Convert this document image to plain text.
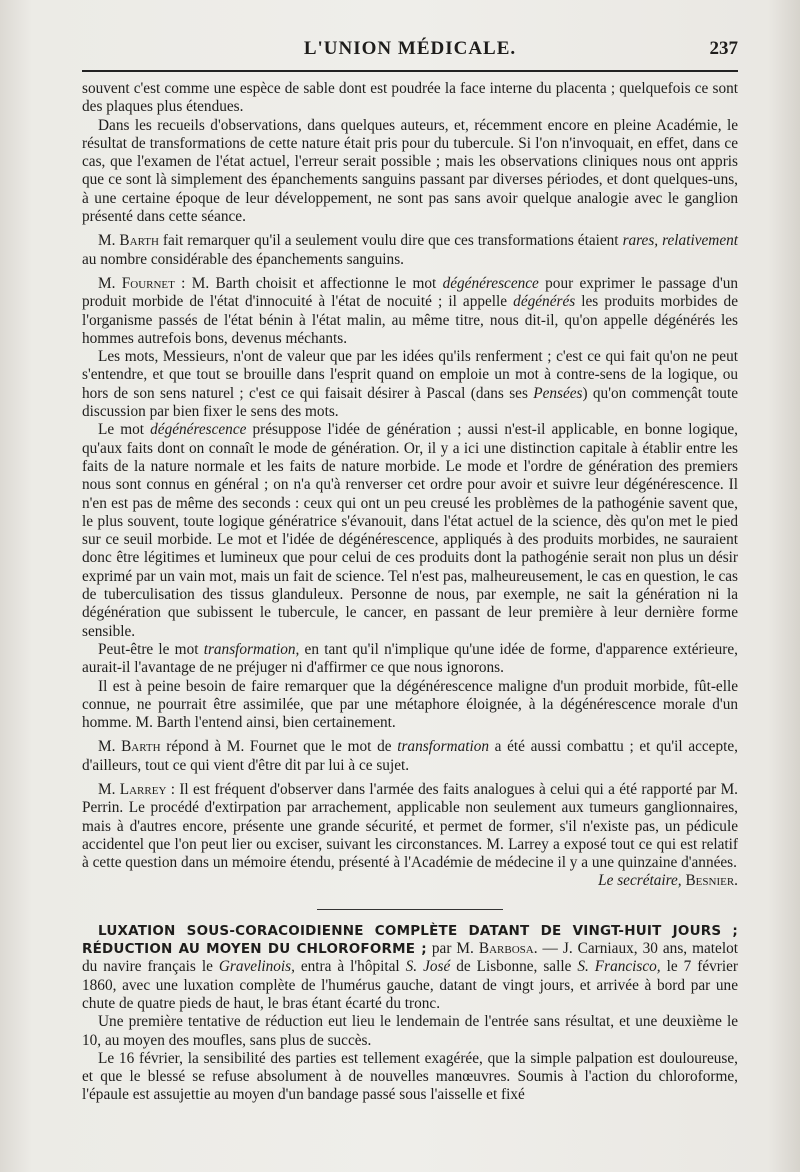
L'UNION MÉDICALE.	237

souvent c'est comme une espèce de sable dont est poudrée la face interne du placenta ; quelquefois ce sont des plaques plus étendues.

Dans les recueils d'observations, dans quelques auteurs, et, récemment encore en pleine Académie, le résultat de transformations de cette nature était pris pour du tubercule. Si l'on n'invoquait, en effet, dans ce cas, que l'examen de l'état actuel, l'erreur serait possible ; mais les observations cliniques nous ont appris que ce sont là simplement des épanchements sanguins passant par diverses périodes, et dont quelques-uns, à une certaine époque de leur développement, ne sont pas sans avoir quelque analogie avec le ganglion présenté dans cette séance.

M. Barth fait remarquer qu'il a seulement voulu dire que ces transformations étaient rares, relativement au nombre considérable des épanchements sanguins.

M. Fournet : M. Barth choisit et affectionne le mot dégénérescence pour exprimer le passage d'un produit morbide de l'état d'innocuité à l'état de nocuité ; il appelle dégénérés les produits morbides de l'organisme passés de l'état bénin à l'état malin, au même titre, nous dit-il, qu'on appelle dégénérés les hommes autrefois bons, devenus méchants.

Les mots, Messieurs, n'ont de valeur que par les idées qu'ils renferment ; c'est ce qui fait qu'on ne peut s'entendre, et que tout se brouille dans l'esprit quand on emploie un mot à contre-sens de la logique, ou hors de son sens naturel ; c'est ce qui faisait désirer à Pascal (dans ses Pensées) qu'on commençât toute discussion par bien fixer le sens des mots.

Le mot dégénérescence présuppose l'idée de génération ; aussi n'est-il applicable, en bonne logique, qu'aux faits dont on connaît le mode de génération. Or, il y a ici une distinction capitale à établir entre les faits de la nature normale et les faits de nature morbide. Le mode et l'ordre de génération des premiers nous sont connus en général ; on n'a qu'à renverser cet ordre pour avoir et suivre leur dégénérescence. Il n'en est pas de même des seconds : ceux qui ont un peu creusé les problèmes de la pathogénie savent que, le plus souvent, toute logique génératrice s'évanouit, dans l'état actuel de la science, dès qu'on met le pied sur ce seuil morbide. Le mot et l'idée de dégénérescence, appliqués à des produits morbides, ne sauraient donc être légitimes et lumineux que pour celui de ces produits dont la pathogénie serait non plus un désir exprimé par un vain mot, mais un fait de science. Tel n'est pas, malheureusement, le cas en question, le cas de tuberculisation des tissus glanduleux. Personne de nous, par exemple, ne sait la génération ni la dégénération que subissent le tubercule, le cancer, en passant de leur première à leur dernière forme sensible.

Peut-être le mot transformation, en tant qu'il n'implique qu'une idée de forme, d'apparence extérieure, aurait-il l'avantage de ne préjuger ni d'affirmer ce que nous ignorons.

Il est à peine besoin de faire remarquer que la dégénérescence maligne d'un produit morbide, fût-elle connue, ne pourrait être assimilée, que par une métaphore éloignée, à la dégénérescence morale d'un homme. M. Barth l'entend ainsi, bien certainement.

M. Barth répond à M. Fournet que le mot de transformation a été aussi combattu ; et qu'il accepte, d'ailleurs, tout ce qui vient d'être dit par lui à ce sujet.

M. Larrey : Il est fréquent d'observer dans l'armée des faits analogues à celui qui a été rapporté par M. Perrin. Le procédé d'extirpation par arrachement, applicable non seulement aux tumeurs ganglionnaires, mais à d'autres encore, présente une grande sécurité, et permet de former, s'il n'existe pas, un pédicule accidentel que l'on peut lier ou exciser, suivant les circonstances. M. Larrey a exposé tout ce qui est relatif à cette question dans un mémoire étendu, présenté à l'Académie de médecine il y a une quinzaine d'années.

Le secrétaire, Besnier.

LUXATION SOUS-CORACOIDIENNE COMPLÈTE DATANT DE VINGT-HUIT JOURS ; RÉDUCTION AU MOYEN DU CHLOROFORME ; par M. Barbosa. — J. Carniaux, 30 ans, matelot du navire français le Gravelinois, entra à l'hôpital S. José de Lisbonne, salle S. Francisco, le 7 février 1860, avec une luxation complète de l'humérus gauche, datant de vingt jours, et arrivée à bord par une chute de quatre pieds de haut, le bras étant écarté du tronc.

Une première tentative de réduction eut lieu le lendemain de l'entrée sans résultat, et une deuxième le 10, au moyen des moufles, sans plus de succès.

Le 16 février, la sensibilité des parties est tellement exagérée, que la simple palpation est douloureuse, et que le blessé se refuse absolument à de nouvelles manœuvres. Soumis à l'action du chloroforme, l'épaule est assujettie au moyen d'un bandage passé sous l'aisselle et fixé
